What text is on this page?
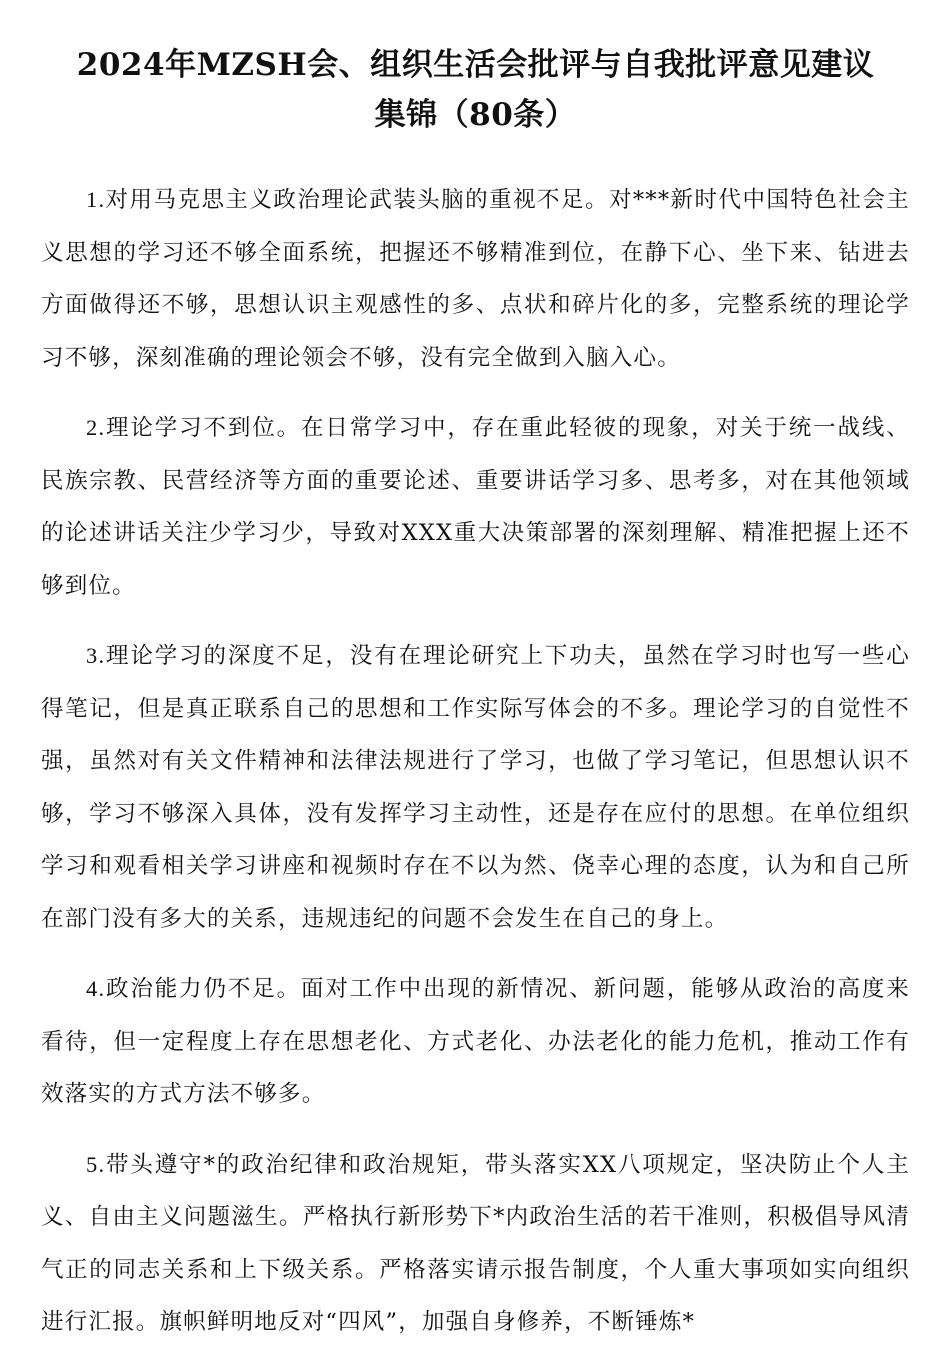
2024年MZSH会、组织生活会批评与自我批评意见建议
集锦（80条）

1.对用马克思主义政治理论武装头脑的重视不足。对***新时代中国特色社会主义思想的学习还不够全面系统，把握还不够精准到位，在静下心、坐下来、钻进去方面做得还不够，思想认识主观感性的多、点状和碎片化的多，完整系统的理论学习不够，深刻准确的理论领会不够，没有完全做到入脑入心。

2.理论学习不到位。在日常学习中，存在重此轻彼的现象，对关于统一战线、民族宗教、民营经济等方面的重要论述、重要讲话学习多、思考多，对在其他领域的论述讲话关注少学习少，导致对XXX重大决策部署的深刻理解、精准把握上还不够到位。

3.理论学习的深度不足，没有在理论研究上下功夫，虽然在学习时也写一些心得笔记，但是真正联系自己的思想和工作实际写体会的不多。理论学习的自觉性不强，虽然对有关文件精神和法律法规进行了学习，也做了学习笔记，但思想认识不够，学习不够深入具体，没有发挥学习主动性，还是存在应付的思想。在单位组织学习和观看相关学习讲座和视频时存在不以为然、侥幸心理的态度，认为和自己所在部门没有多大的关系，违规违纪的问题不会发生在自己的身上。

4.政治能力仍不足。面对工作中出现的新情况、新问题，能够从政治的高度来看待，但一定程度上存在思想老化、方式老化、办法老化的能力危机，推动工作有效落实的方式方法不够多。

5.带头遵守*的政治纪律和政治规矩，带头落实XX八项规定，坚决防止个人主义、自由主义问题滋生。严格执行新形势下*内政治生活的若干准则，积极倡导风清气正的同志关系和上下级关系。严格落实请示报告制度，个人重大事项如实向组织进行汇报。旗帜鲜明地反对“四风”，加强自身修养，不断锤炼*
